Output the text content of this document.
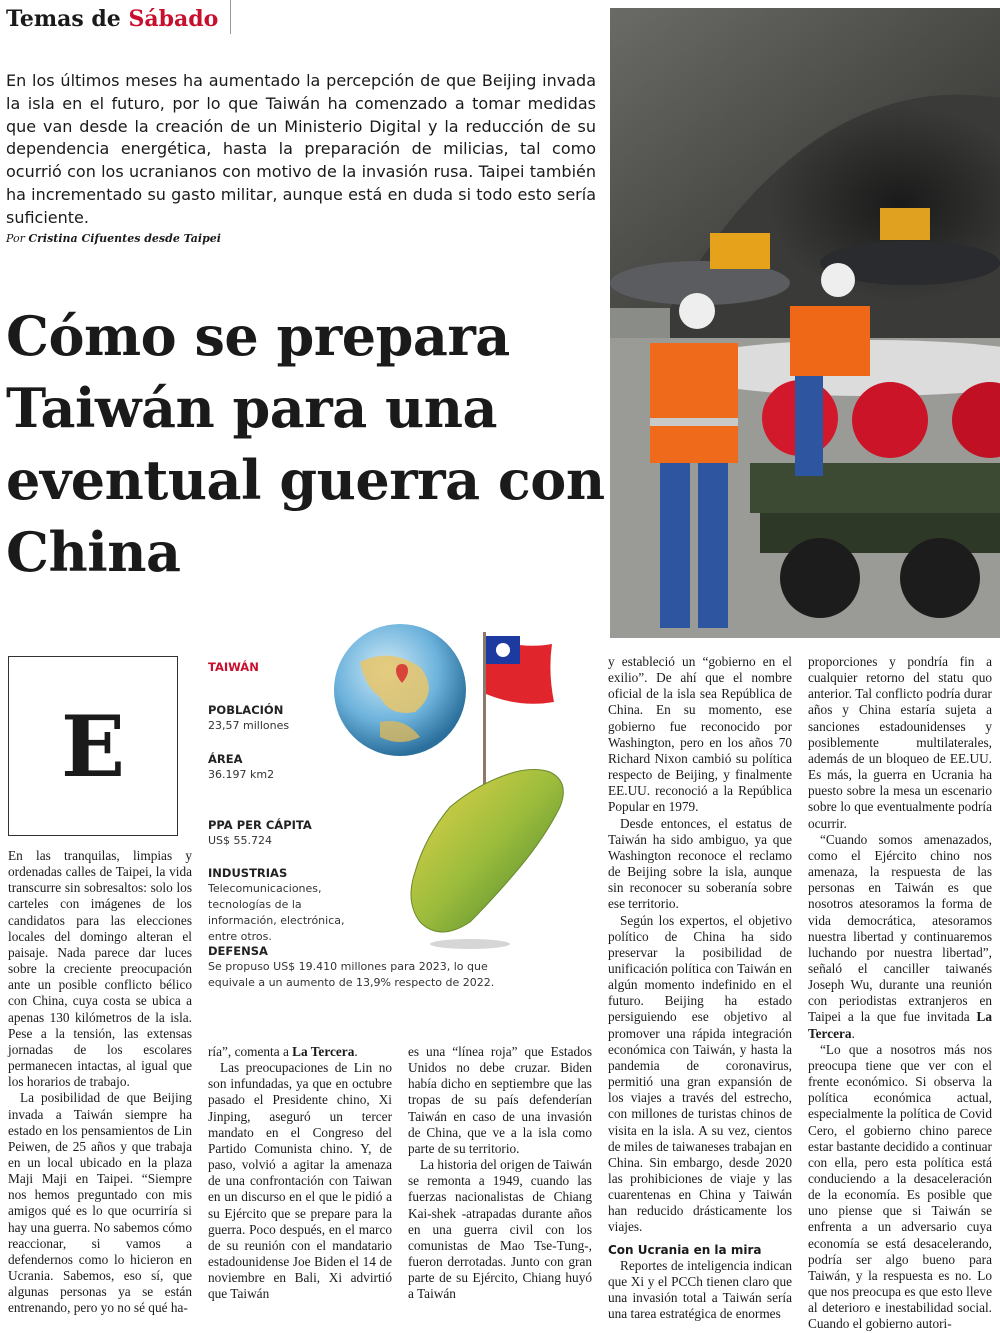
Temas de Sábado
En los últimos meses ha aumentado la percepción de que Beijing invada la isla en el futuro, por lo que Taiwán ha comenzado a tomar medidas que van desde la creación de un Ministerio Digital y la reducción de su dependencia energética, hasta la preparación de milicias, tal como ocurrió con los ucranianos con motivo de la invasión rusa. Taipei también ha incrementado su gasto militar, aunque está en duda si todo esto sería suficiente.
Por Cristina Cifuentes desde Taipei
Cómo se prepara Taiwán para una eventual guerra con China
E
TAIWÁN
POBLACIÓN
23,57 millones
ÁREA
36.197 km2
PPA PER CÁPITA
US$ 55.724
INDUSTRIAS
Telecomunicaciones, tecnologías de la información, electrónica, entre otros.
DEFENSA
Se propuso US$ 19.410 millones para 2023, lo que equivale a un aumento de 13,9% respecto de 2022.

En las tranquilas, limpias y ordenadas calles de Taipei, la vida transcurre sin sobresaltos: solo los carteles con imágenes de los candidatos para las elecciones locales del domingo alteran el paisaje. Nada parece dar luces sobre la creciente preocupación ante un posible conflicto bélico con China, cuya costa se ubica a apenas 130 kilómetros de la isla. Pese a la tensión, las extensas jornadas de los escolares permanecen intactas, al igual que los horarios de trabajo.

La posibilidad de que Beijing invada a Taiwán siempre ha estado en los pensamientos de Lin Peiwen, de 25 años y que trabaja en un local ubicado en la plaza Maji Maji en Taipei. “Siempre nos hemos preguntado con mis amigos qué es lo que ocurriría si hay una guerra. No sabemos cómo reaccionar, si vamos a defendernos como lo hicieron en Ucrania. Sabemos, eso sí, que algunas personas ya se están entrenando, pero yo no sé qué ha-

ría”, comenta a La Tercera.

Las preocupaciones de Lin no son infundadas, ya que en octubre pasado el Presidente chino, Xi Jinping, aseguró un tercer mandato en el Congreso del Partido Comunista chino. Y, de paso, volvió a agitar la amenaza de una confrontación con Taiwan en un discurso en el que le pidió a su Ejército que se prepare para la guerra. Poco después, en el marco de su reunión con el mandatario estadounidense Joe Biden el 14 de noviembre en Bali, Xi advirtió que Taiwán

es una “línea roja” que Estados Unidos no debe cruzar. Biden había dicho en septiembre que las tropas de su país defenderían Taiwán en caso de una invasión de China, que ve a la isla como parte de su territorio.

La historia del origen de Taiwán se remonta a 1949, cuando las fuerzas nacionalistas de Chiang Kai-shek -atrapadas durante años en una guerra civil con los comunistas de Mao Tse-Tung-, fueron derrotadas. Junto con gran parte de su Ejército, Chiang huyó a Taiwán

y estableció un “gobierno en el exilio”. De ahí que el nombre oficial de la isla sea República de China. En su momento, ese gobierno fue reconocido por Washington, pero en los años 70 Richard Nixon cambió su política respecto de Beijing, y finalmente EE.UU. reconoció a la República Popular en 1979.

Desde entonces, el estatus de Taiwán ha sido ambiguo, ya que Washington reconoce el reclamo de Beijing sobre la isla, aunque sin reconocer su soberanía sobre ese territorio.

Según los expertos, el objetivo político de China ha sido preservar la posibilidad de unificación política con Taiwán en algún momento indefinido en el futuro. Beijing ha estado persiguiendo ese objetivo al promover una rápida integración económica con Taiwán, y hasta la pandemia de coronavirus, permitió una gran expansión de los viajes a través del estrecho, con millones de turistas chinos de visita en la isla. A su vez, cientos de miles de taiwaneses trabajan en China. Sin embargo, desde 2020 las prohibiciones de viaje y las cuarentenas en China y Taiwán han reducido drásticamente los viajes.

Con Ucrania en la mira

Reportes de inteligencia indican que Xi y el PCCh tienen claro que una invasión total a Taiwán sería una tarea estratégica de enormes

proporciones y pondría fin a cualquier retorno del statu quo anterior. Tal conflicto podría durar años y China estaría sujeta a sanciones estadounidenses y posiblemente multilaterales, además de un bloqueo de EE.UU. Es más, la guerra en Ucrania ha puesto sobre la mesa un escenario sobre lo que eventualmente podría ocurrir.

“Cuando somos amenazados, como el Ejército chino nos amenaza, la respuesta de las personas en Taiwán es que nosotros atesoramos la forma de vida democrática, atesoramos nuestra libertad y continuaremos luchando por nuestra libertad”, señaló el canciller taiwanés Joseph Wu, durante una reunión con periodistas extranjeros en Taipei a la que fue invitada La Tercera.

“Lo que a nosotros más nos preocupa tiene que ver con el frente económico. Si observa la política económica actual, especialmente la política de Covid Cero, el gobierno chino parece estar bastante decidido a continuar con ella, pero esta política está conduciendo a la desaceleración de la economía. Es posible que uno piense que si Taiwán se enfrenta a un adversario cuya economía se está desacelerando, podría ser algo bueno para Taiwán, y la respuesta es no. Lo que nos preocupa es que esto lleve al deterioro e inestabilidad social. Cuando el gobierno autori-
